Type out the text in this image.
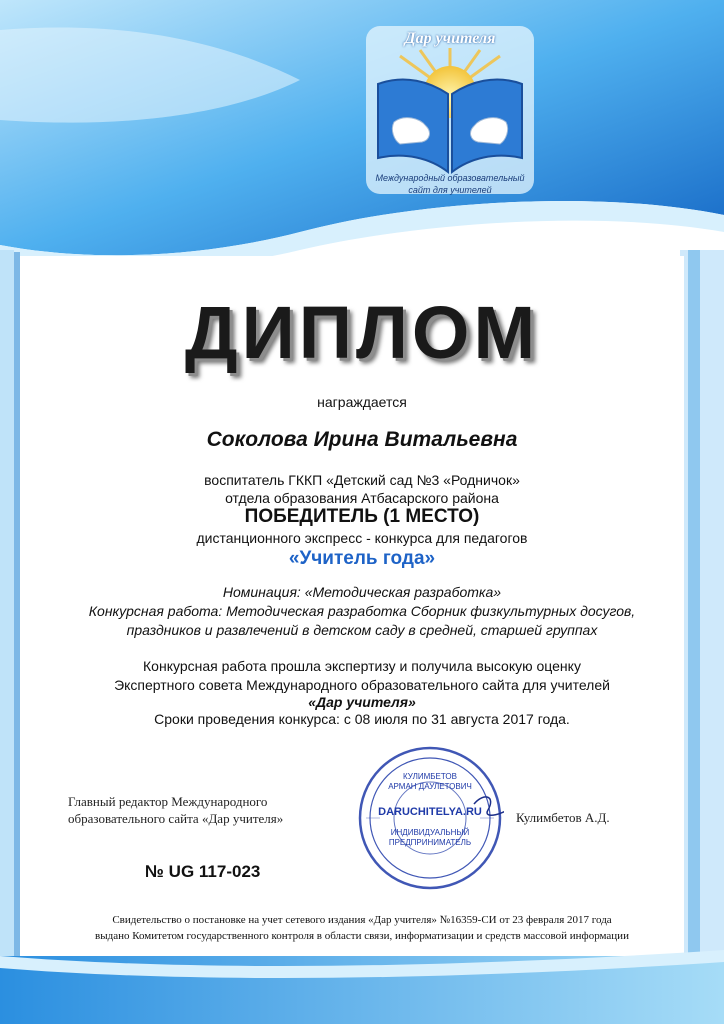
Дар учителя
Международный образовательный
сайт для учителей
ДИПЛОМ
награждается
Соколова Ирина Витальевна
воспитатель ГККП «Детский сад №3 «Родничок»
отдела образования Атбасарского района
ПОБЕДИТЕЛЬ (1 МЕСТО)
дистанционного экспресс - конкурса для педагогов
«Учитель года»
Номинация: «Методическая разработка»
Конкурсная работа: Методическая разработка Сборник физкультурных досугов,
праздников и развлечений в детском саду в средней, старшей группах
Конкурсная работа прошла экспертизу и получила высокую оценку
Экспертного совета Международного образовательного сайта для учителей
«Дар учителя»
Сроки проведения конкурса: с 08 июля по 31 августа 2017 года.
Главный редактор Международного
образовательного сайта «Дар учителя»	Кулимбетов А.Д.
КУЛИМБЕТОВ
АРМАН ДАУЛЕТОВИЧ
DARUCHITELYA.RU
ИНДИВИДУАЛЬНЫЙ
ПРЕДПРИНИМАТЕЛЬ
№ UG 117-023
Свидетельство о постановке на учет сетевого издания «Дар учителя» №16359-СИ от 23 февраля 2017 года
выдано Комитетом государственного контроля в области связи, информатизации и средств массовой информации
